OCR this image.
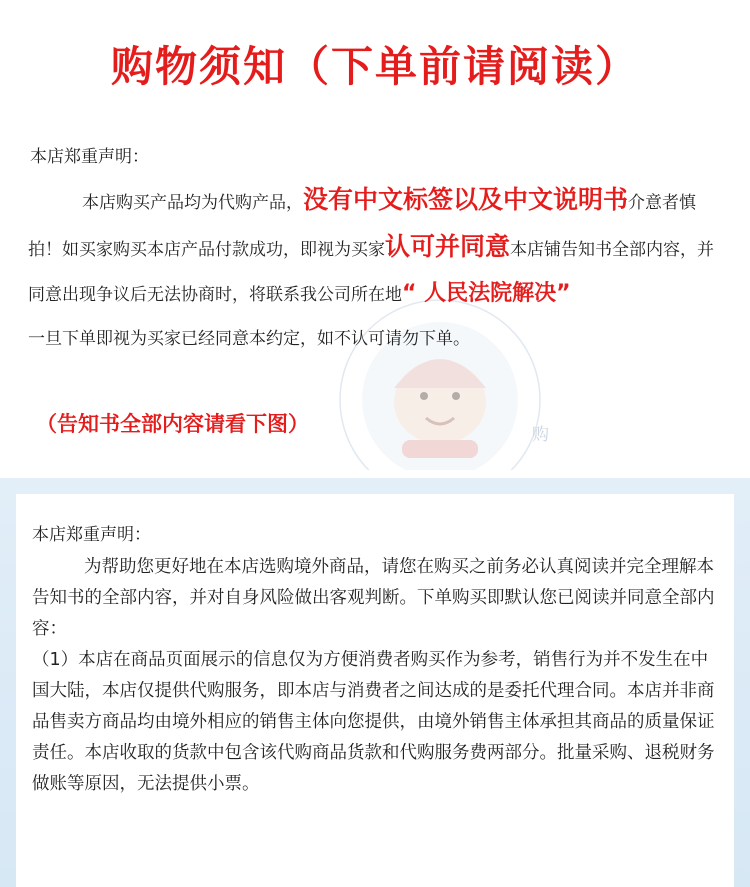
购物须知（下单前请阅读）
购
本店郑重声明：
本店购买产品均为代购产品，没有中文标签以及中文说明书介意者慎拍！如买家购买本店产品付款成功，即视为买家认可并同意本店铺告知书全部内容，并同意出现争议后无法协商时，将联系我公司所在地“ 人民法院解决”
一旦下单即视为买家已经同意本约定，如不认可请勿下单。
（告知书全部内容请看下图）
本店郑重声明：

为帮助您更好地在本店选购境外商品，请您在购买之前务必认真阅读并完全理解本告知书的全部内容，并对自身风险做出客观判断。下单购买即默认您已阅读并同意全部内容：

（1）本店在商品页面展示的信息仅为方便消费者购买作为参考，销售行为并不发生在中国大陆，本店仅提供代购服务，即本店与消费者之间达成的是委托代理合同。本店并非商品售卖方商品均由境外相应的销售主体向您提供，由境外销售主体承担其商品的质量保证责任。本店收取的货款中包含该代购商品货款和代购服务费两部分。批量采购、退税财务做账等原因，无法提供小票。
